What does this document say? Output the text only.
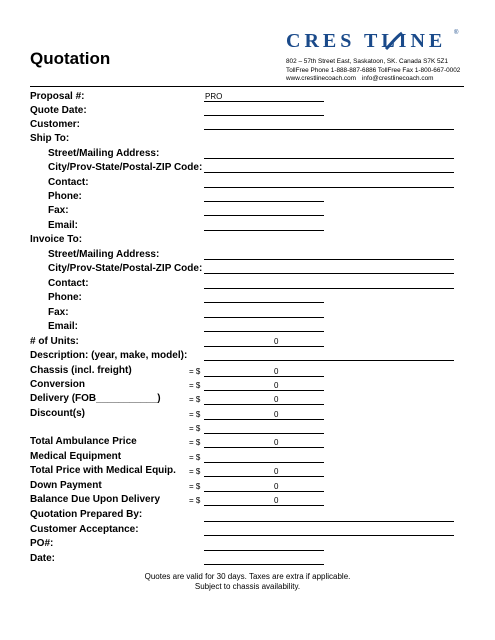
Quotation
CRES TLINE ®
802 – 57th Street East, Saskatoon, SK. Canada S7K 5Z1
TollFree Phone 1-888-887-6886 TollFree Fax 1-800-667-0002
www.crestlinecoach.com info@crestlinecoach.com
Proposal #:	PRO
Quote Date:
Customer:
Ship To:
Street/Mailing Address:
City/Prov-State/Postal-ZIP Code:
Contact:
Phone:
Fax:
Email:
Invoice To:
Street/Mailing Address:
City/Prov-State/Postal-ZIP Code:
Contact:
Phone:
Fax:
Email:
# of Units:	0
Description: (year, make, model):
Chassis (incl. freight)	= $	0
Conversion	= $	0
Delivery (FOB___________)	= $	0
Discount(s)	= $	0
= $
Total Ambulance Price	= $	0
Medical Equipment	= $
Total Price with Medical Equip. = $	0
Down Payment	= $	0
Balance Due Upon Delivery	= $	0
Quotation Prepared By:
Customer Acceptance:
PO#:
Date:
Quotes are valid for 30 days. Taxes are extra if applicable.
Subject to chassis availability.
